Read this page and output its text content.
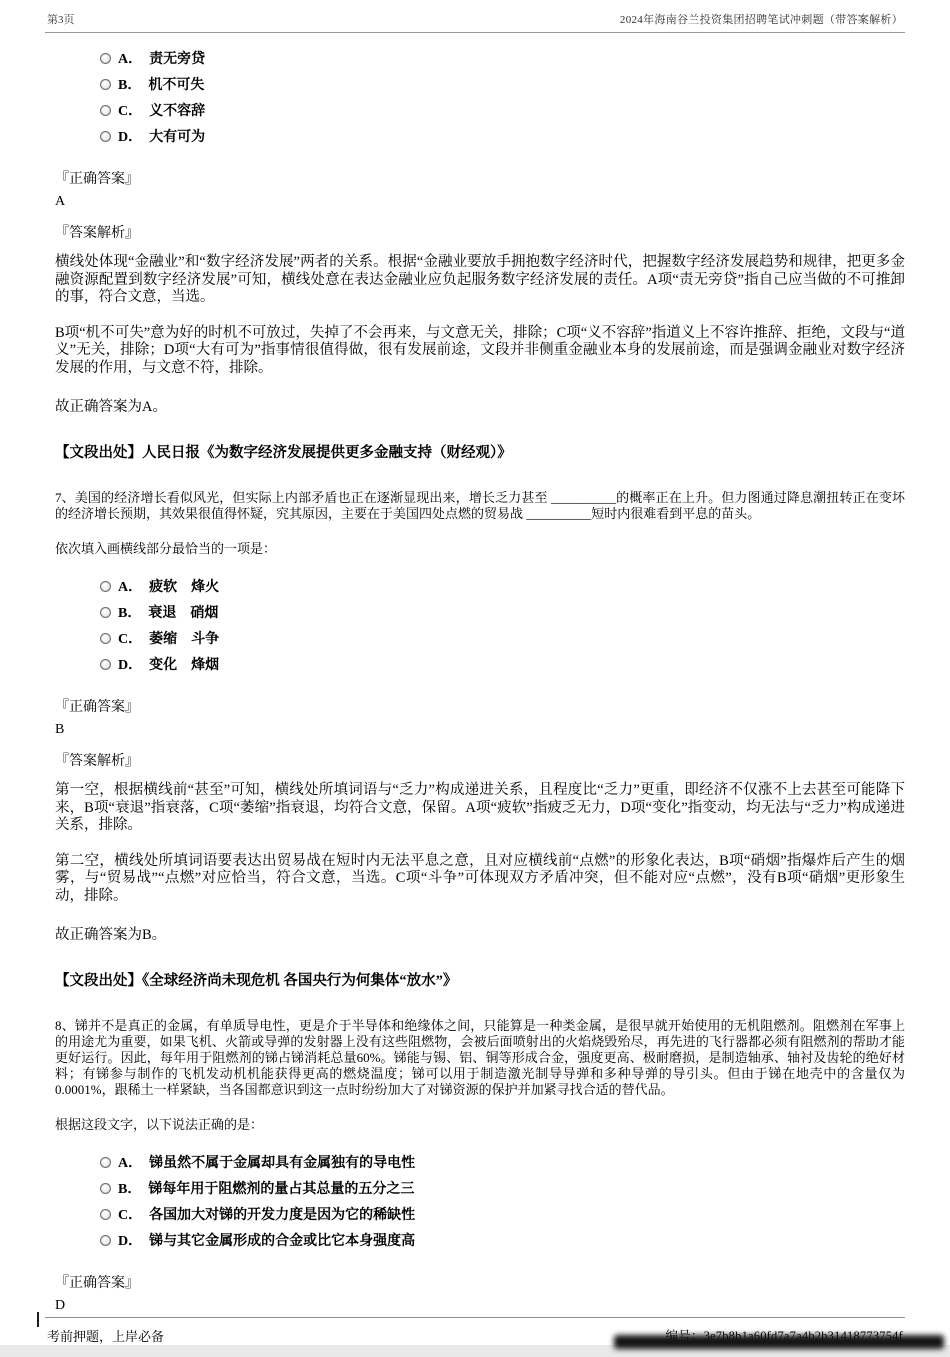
第3页	2024年海南谷兰投资集团招聘笔试冲刺题（带答案解析）
A． 责无旁贷
B． 机不可失
C． 义不容辞
D． 大有可为
『正确答案』
A
『答案解析』
横线处体现“金融业”和“数字经济发展”两者的关系。根据“金融业要放手拥抱数字经济时代，把握数字经济发展趋势和规律，把更多金融资源配置到数字经济发展”可知，横线处意在表达金融业应负起服务数字经济发展的责任。A项“责无旁贷”指自己应当做的不可推卸的事，符合文意，当选。
B项“机不可失”意为好的时机不可放过，失掉了不会再来，与文意无关，排除；C项“义不容辞”指道义上不容许推辞、拒绝，文段与“道义”无关，排除；D项“大有可为”指事情很值得做，很有发展前途，文段并非侧重金融业本身的发展前途，而是强调金融业对数字经济发展的作用，与文意不符，排除。
故正确答案为A。
【文段出处】人民日报《为数字经济发展提供更多金融支持（财经观）》
7、美国的经济增长看似风光，但实际上内部矛盾也正在逐渐显现出来，增长乏力甚至 __________的概率正在上升。但力图通过降息潮扭转正在变坏的经济增长预期，其效果很值得怀疑，究其原因，主要在于美国四处点燃的贸易战 __________短时内很难看到平息的苗头。
依次填入画横线部分最恰当的一项是：
A． 疲软　烽火
B． 衰退　硝烟
C． 萎缩　斗争
D． 变化　烽烟
『正确答案』
B
『答案解析』
第一空，根据横线前“甚至”可知，横线处所填词语与“乏力”构成递进关系，且程度比“乏力”更重，即经济不仅涨不上去甚至可能降下来，B项“衰退”指衰落，C项“萎缩”指衰退，均符合文意，保留。A项“疲软”指疲乏无力，D项“变化”指变动，均无法与“乏力”构成递进关系，排除。
第二空，横线处所填词语要表达出贸易战在短时内无法平息之意，且对应横线前“点燃”的形象化表达，B项“硝烟”指爆炸后产生的烟雾，与“贸易战”“点燃”对应恰当，符合文意，当选。C项“斗争”可体现双方矛盾冲突，但不能对应“点燃”，没有B项“硝烟”更形象生动，排除。
故正确答案为B。
【文段出处】《全球经济尚未现危机 各国央行为何集体“放水”》
8、锑并不是真正的金属，有单质导电性，更是介于半导体和绝缘体之间，只能算是一种类金属，是很早就开始使用的无机阻燃剂。阻燃剂在军事上的用途尤为重要，如果飞机、火箭或导弹的发射器上没有这些阻燃物，会被后面喷射出的火焰烧毁殆尽，再先进的飞行器都必须有阻燃剂的帮助才能更好运行。因此，每年用于阻燃剂的锑占锑消耗总量60%。锑能与锡、铝、铜等形成合金，强度更高、极耐磨损，是制造轴承、轴衬及齿轮的绝好材料；有锑参与制作的飞机发动机机能获得更高的燃烧温度；锑可以用于制造激光制导导弹和多种导弹的导引头。但由于锑在地壳中的含量仅为0.0001%，跟稀土一样紧缺，当各国都意识到这一点时纷纷加大了对锑资源的保护并加紧寻找合适的替代品。
根据这段文字，以下说法正确的是：
A． 锑虽然不属于金属却具有金属独有的导电性
B． 锑每年用于阻燃剂的量占其总量的五分之三
C． 各国加大对锑的开发力度是因为它的稀缺性
D． 锑与其它金属形成的合金或比它本身强度高
『正确答案』
D
考前押题，上岸必备
